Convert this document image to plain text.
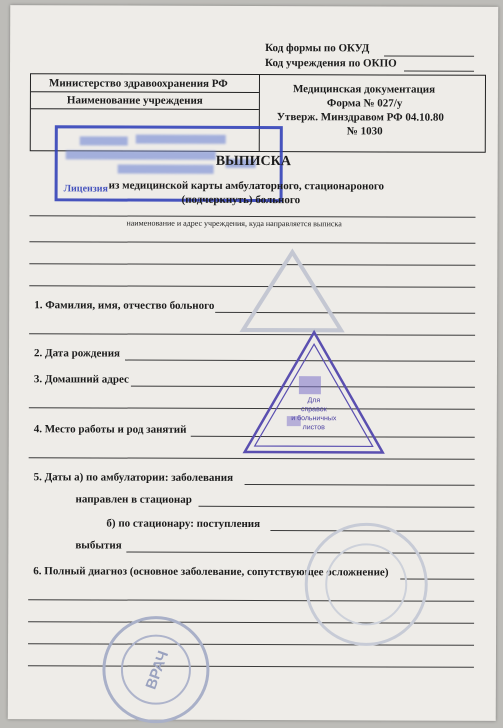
Код формы по ОКУД
Код учреждения по ОКПО
Министерство здравоохранения РФ
Наименование учреждения
Медицинская документация
Форма № 027/у
Утверж. Минздравом РФ 04.10.80
№ 1030
Лицензия
ВЫПИСКА
из медицинской карты амбулаторного, стационароного
(подчеркнуть) больного
наименование и адрес учреждения, куда направляется выписка
1. Фамилия, имя, отчество больного
2. Дата рождения
3. Домашний адрес
4. Место работы и род занятий
5. Даты а) по амбулатории: заболевания
направлен в стационар
б) по стационару: поступления
выбытия
6. Полный диагноз (основное заболевание, сопутствующее осложнение)
Для
справок
и больничных
листов
ВРАЧ
